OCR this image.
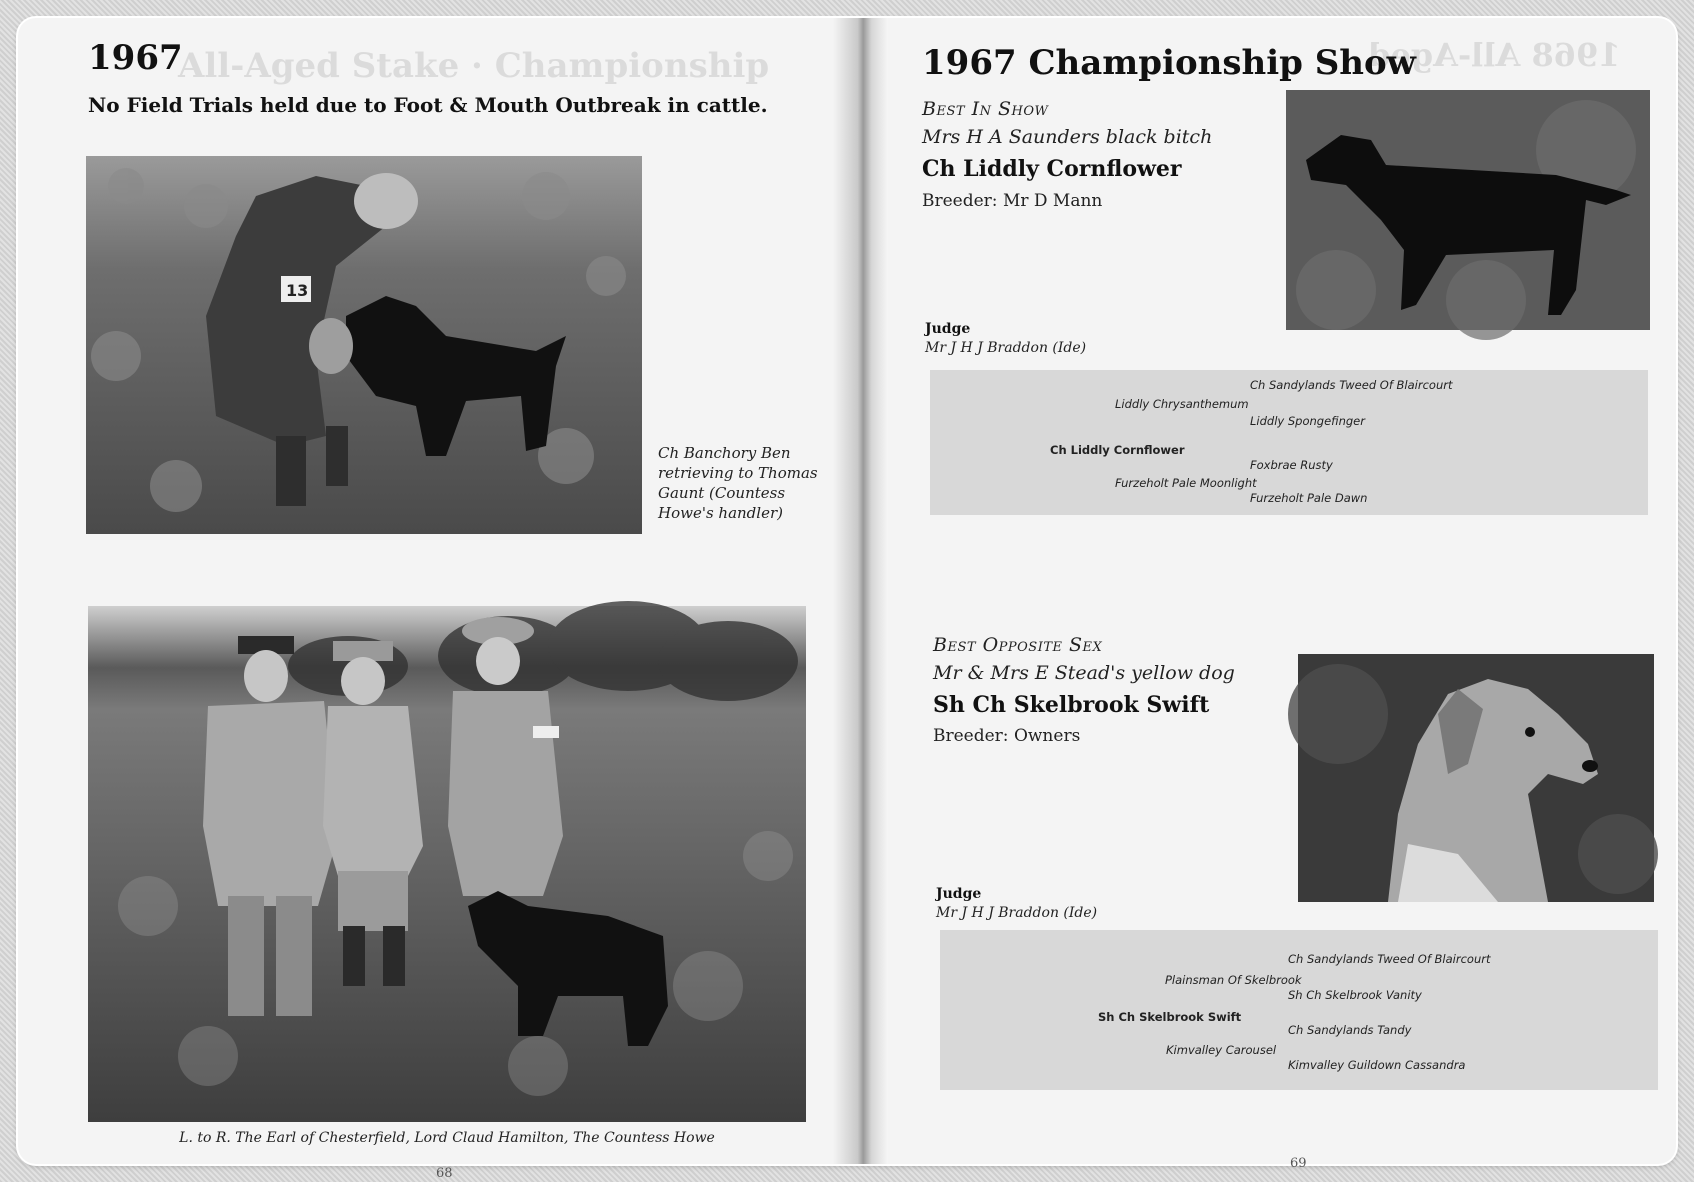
All-Aged Stake · Championship	1968 All-Aged
1967
No Field Trials held due to Foot & Mouth Outbreak in cattle.
13
Ch Banchory Ben
retrieving to Thomas
Gaunt (Countess
Howe's handler)
L. to R. The Earl of Chesterfield, Lord Claud Hamilton, The Countess Howe
68
1967 Championship Show
Best In Show
Mrs H A Saunders black bitch
Ch Liddly Cornflower
Breeder: Mr D Mann
Judge
Mr J H J Braddon (Ide)
Ch Sandylands Tweed Of Blaircourt
Liddly Chrysanthemum
Liddly Spongefinger
Ch Liddly Cornflower
Foxbrae Rusty
Furzeholt Pale Moonlight
Furzeholt Pale Dawn
Best Opposite Sex
Mr & Mrs E Stead's yellow dog
Sh Ch Skelbrook Swift
Breeder: Owners
Judge
Mr J H J Braddon (Ide)
Ch Sandylands Tweed Of Blaircourt
Plainsman Of Skelbrook
Sh Ch Skelbrook Vanity
Sh Ch Skelbrook Swift
Ch Sandylands Tandy
Kimvalley Carousel
Kimvalley Guildown Cassandra
69
